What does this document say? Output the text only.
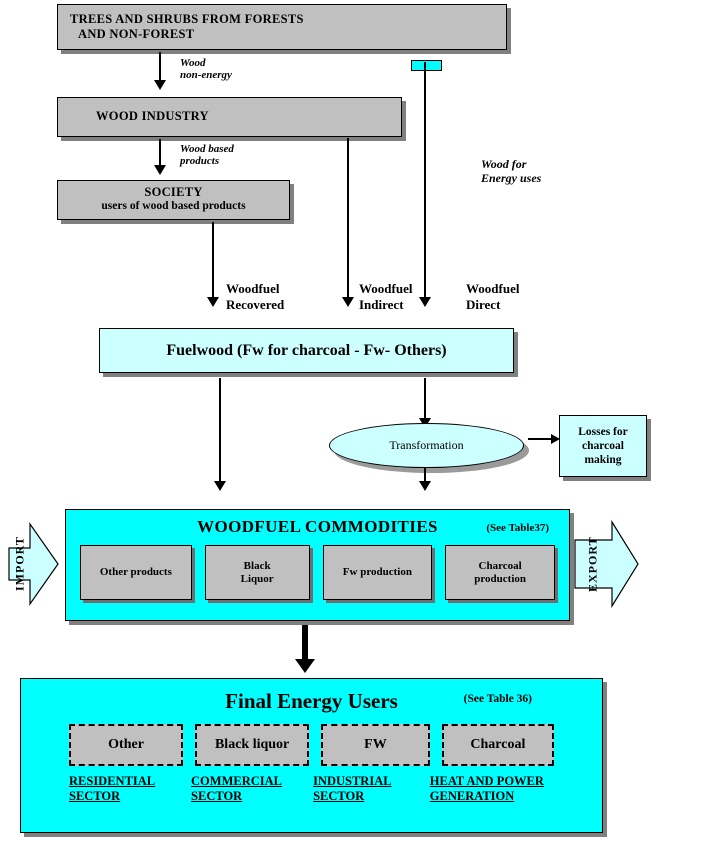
TREES AND SHRUBS FROM FORESTS
AND NON-FOREST
Wood
non-energy
WOOD INDUSTRY
Wood based
products
SOCIETY
users of wood based products
Woodfuel
Recovered
Woodfuel
Indirect
Woodfuel
Direct
Wood for
Energy uses
Fuelwood (Fw for charcoal - Fw- Others)
Transformation
Losses for
charcoal
making
IMPORT	EXPORT
WOODFUEL COMMODITIES	(See Table37)
Other products
Black
Liquor
Fw production
Charcoal
production
Final Energy Users	(See Table 36)
Other	Black liquor	FW	Charcoal
RESIDENTIAL
SECTOR
COMMERCIAL
SECTOR
INDUSTRIAL
SECTOR
HEAT AND POWER
GENERATION
